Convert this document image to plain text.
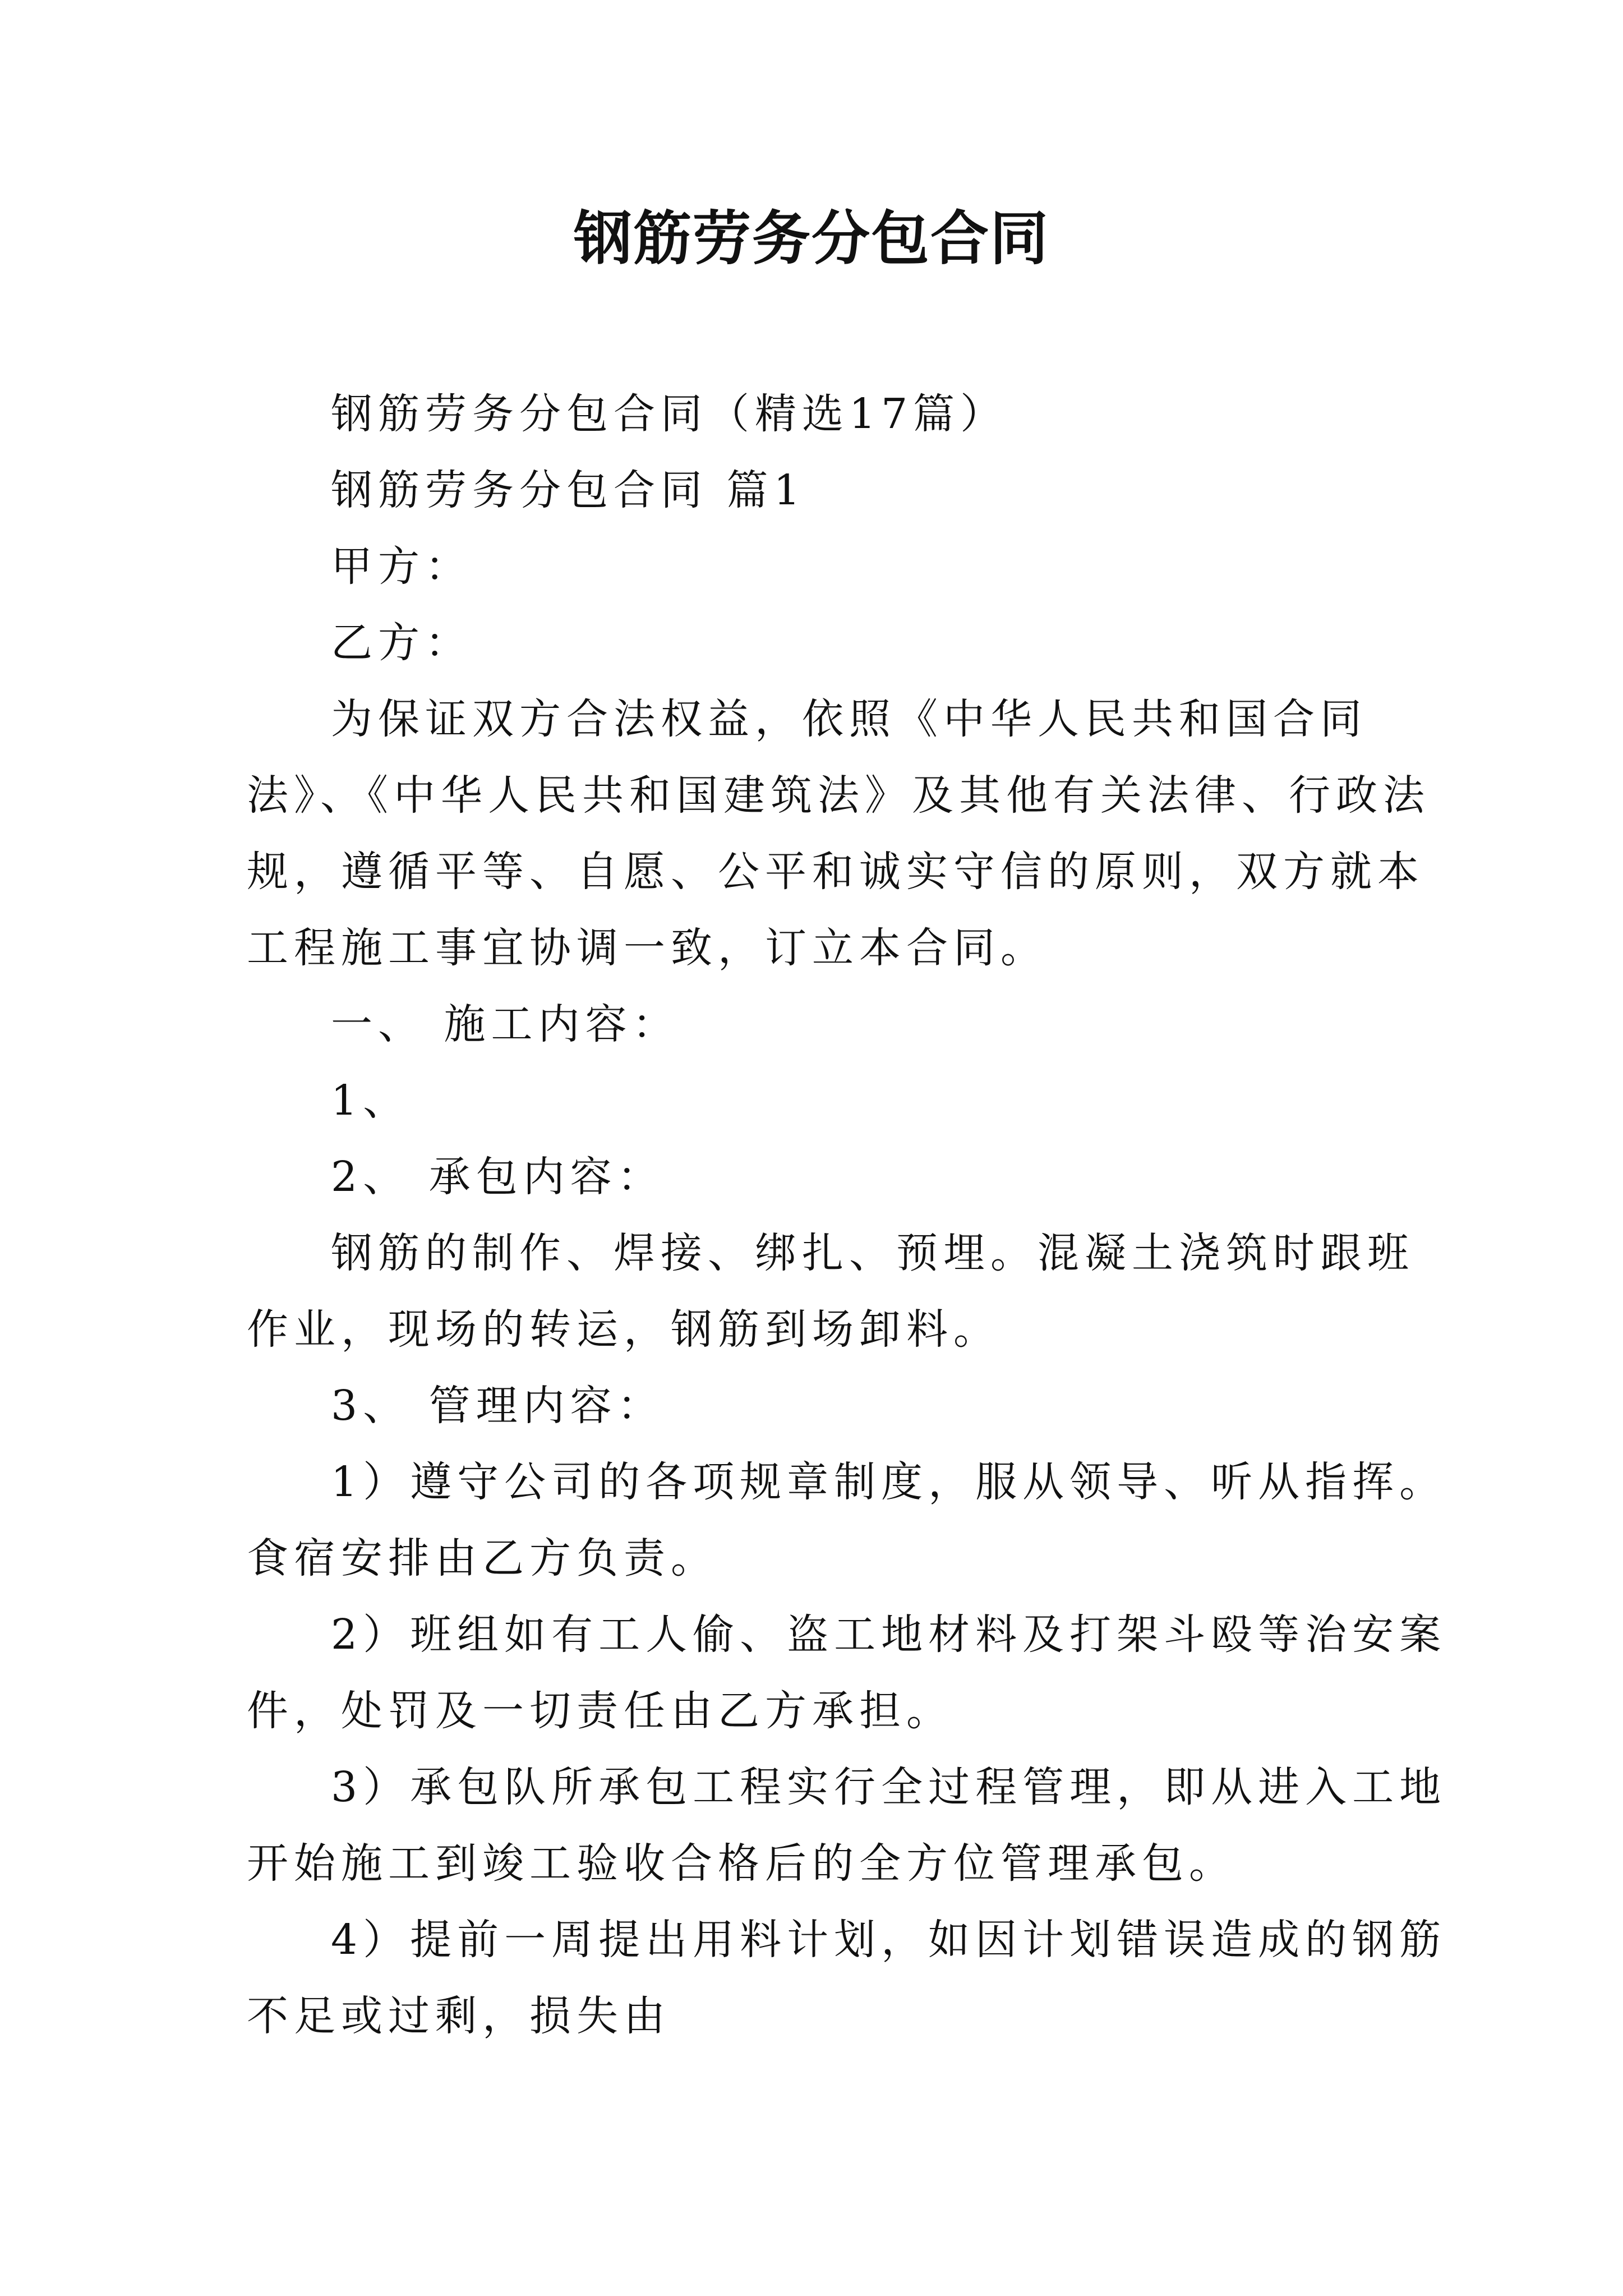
钢筋劳务分包合同

钢筋劳务分包合同（精选17篇）

钢筋劳务分包合同 篇1

甲方：

乙方：

为保证双方合法权益，依照《中华人民共和国合同法》、《中华人民共和国建筑法》及其他有关法律、行政法规，遵循平等、自愿、公平和诚实守信的原则，双方就本工程施工事宜协调一致，订立本合同。

一、 施工内容：

1、

2、 承包内容：

钢筋的制作、焊接、绑扎、预埋。混凝土浇筑时跟班作业，现场的转运，钢筋到场卸料。

3、 管理内容：

1）遵守公司的各项规章制度，服从领导、听从指挥。食宿安排由乙方负责。

2）班组如有工人偷、盗工地材料及打架斗殴等治安案件，处罚及一切责任由乙方承担。

3）承包队所承包工程实行全过程管理，即从进入工地开始施工到竣工验收合格后的全方位管理承包。

4）提前一周提出用料计划，如因计划错误造成的钢筋不足或过剩，损失由
